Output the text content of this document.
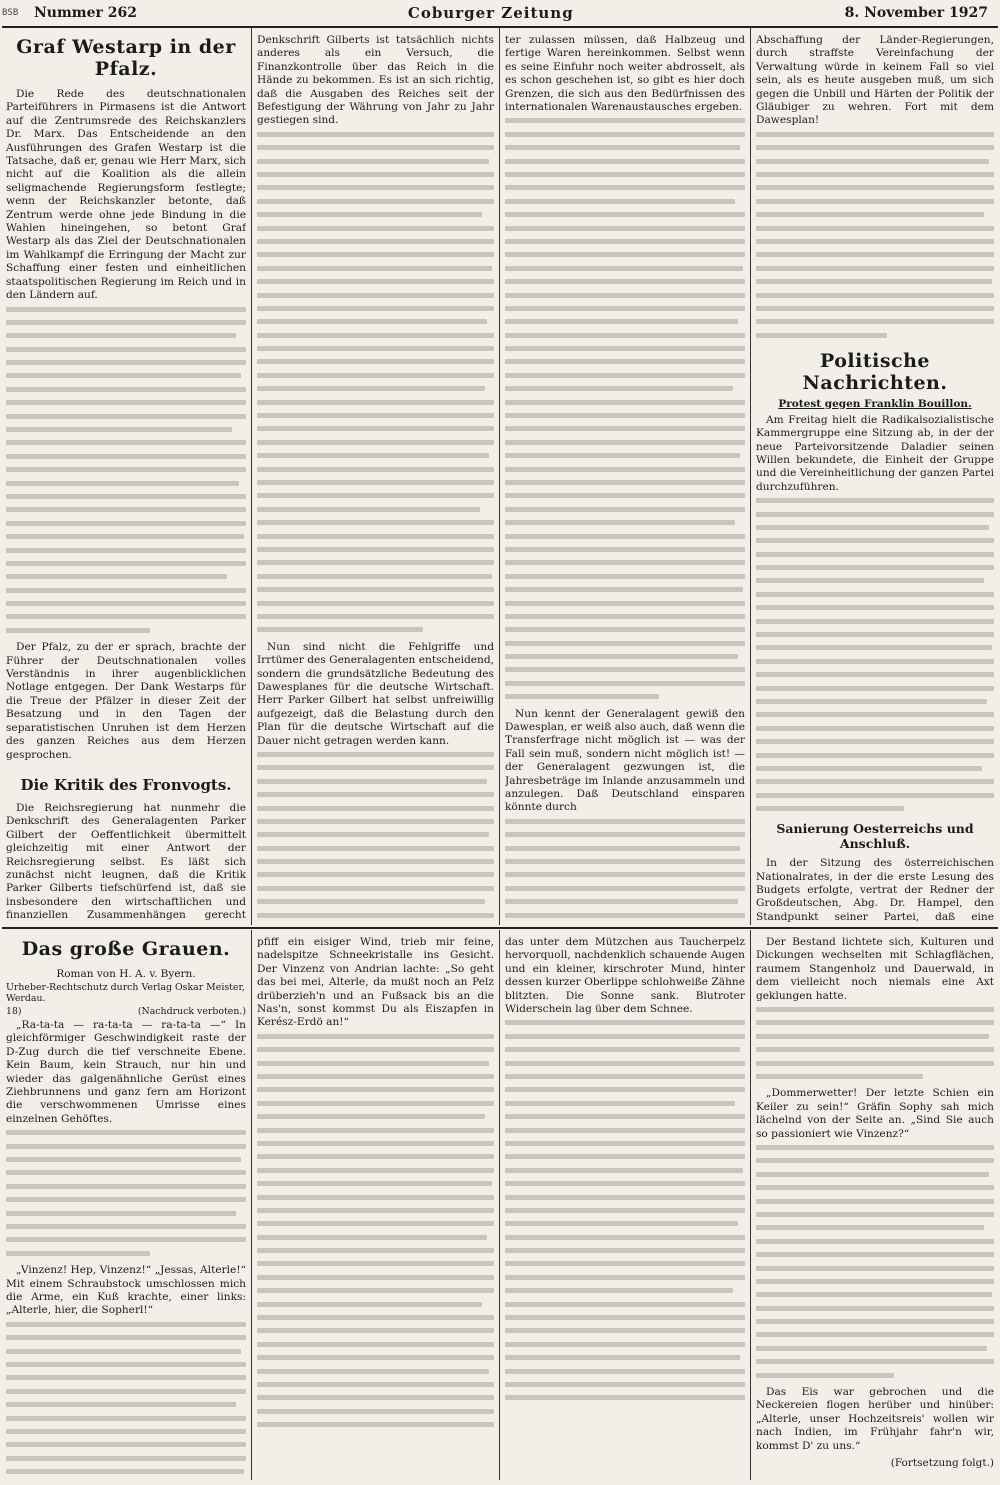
BSB Nummer 262	Coburger Zeitung	8. November 1927
Graf Westarp in der Pfalz.

Die Rede des deutschnationalen Parteiführers in Pirmasens ist die Antwort auf die Zentrumsrede des Reichskanzlers Dr. Marx. Das Entscheidende an den Ausführungen des Grafen Westarp ist die Tatsache, daß er, genau wie Herr Marx, sich nicht auf die Koalition als die allein seligmachende Regierungsform festlegte; wenn der Reichskanzler betonte, daß Zentrum werde ohne jede Bindung in die Wahlen hineingehen, so betont Graf Westarp als das Ziel der Deutschnationalen im Wahlkampf die Erringung der Macht zur Schaffung einer festen und einheitlichen staatspolitischen Regierung im Reich und in den Ländern auf.

Der Pfalz, zu der er sprach, brachte der Führer der Deutschnationalen volles Verständnis in ihrer augenblicklichen Notlage entgegen. Der Dank Westarps für die Treue der Pfälzer in dieser Zeit der Besatzung und in den Tagen der separatistischen Unruhen ist dem Herzen des ganzen Reiches aus dem Herzen gesprochen.

Die Kritik des Fronvogts.

Die Reichsregierung hat nunmehr die Denkschrift des Generalagenten Parker Gilbert der Oeffentlichkeit übermittelt gleichzeitig mit einer Antwort der Reichsregierung selbst. Es läßt sich zunächst nicht leugnen, daß die Kritik Parker Gilberts tiefschürfend ist, daß sie insbesondere den wirtschaftlichen und finanziellen Zusammenhängen gerecht

Denkschrift Gilberts ist tatsächlich nichts anderes als ein Versuch, die Finanzkontrolle über das Reich in die Hände zu bekommen. Es ist an sich richtig, daß die Ausgaben des Reiches seit der Befestigung der Währung von Jahr zu Jahr gestiegen sind.

Nun sind nicht die Fehlgriffe und Irrtümer des Generalagenten entscheidend, sondern die grundsätzliche Bedeutung des Dawesplanes für die deutsche Wirtschaft. Herr Parker Gilbert hat selbst unfreiwillig aufgezeigt, daß die Belastung durch den Plan für die deutsche Wirtschaft auf die Dauer nicht getragen werden kann.

ter zulassen müssen, daß Halbzeug und fertige Waren hereinkommen. Selbst wenn es seine Einfuhr noch weiter abdrosselt, als es schon geschehen ist, so gibt es hier doch Grenzen, die sich aus den Bedürfnissen des internationalen Warenaustausches ergeben.

Nun kennt der Generalagent gewiß den Dawesplan, er weiß also auch, daß wenn die Transferfrage nicht möglich ist — was der Fall sein muß, sondern nicht möglich ist! — der Generalagent gezwungen ist, die Jahresbeträge im Inlande anzusammeln und anzulegen. Daß Deutschland einsparen könnte durch

Abschaffung der Länder-Regierungen, durch straffste Vereinfachung der Verwaltung würde in keinem Fall so viel sein, als es heute ausgeben muß, um sich gegen die Unbill und Härten der Politik der Gläubiger zu wehren. Fort mit dem Dawesplan!

Politische Nachrichten.
Protest gegen Franklin Bouillon.

Am Freitag hielt die Radikalsozialistische Kammergruppe eine Sitzung ab, in der der neue Parteivorsitzende Daladier seinen Willen bekundete, die Einheit der Gruppe und die Vereinheitlichung der ganzen Partei durchzuführen.

Sanierung Oesterreichs und Anschluß.

In der Sitzung des österreichischen Nationalrates, in der die erste Lesung des Budgets erfolgte, vertrat der Redner der Großdeutschen, Abg. Dr. Hampel, den Standpunkt seiner Partei, daß eine

Das große Grauen.
Roman von H. A. v. Byern.
Urheber-Rechtschutz durch Verlag Oskar Meister, Werdau.
18)	(Nachdruck verboten.)

„Ra-ta-ta — ra-ta-ta — ra-ta-ta —“ In gleichförmiger Geschwindigkeit raste der D-Zug durch die tief verschneite Ebene. Kein Baum, kein Strauch, nur hin und wieder das galgenähnliche Gerüst eines Ziehbrunnens und ganz fern am Horizont die verschwommenen Umrisse eines einzelnen Gehöftes.

„Vinzenz! Hep, Vinzenz!“ „Jessas, Alterle!“ Mit einem Schraubstock umschlossen mich die Arme, ein Kuß krachte, einer links: „Alterle, hier, die Sopherl!“

pfiff ein eisiger Wind, trieb mir feine, nadelspitze Schneekristalle ins Gesicht. Der Vinzenz von Andrian lachte: „So geht das bei mei, Alterle, da mußt noch an Pelz drüberzieh'n und an Fußsack bis an die Nas'n, sonst kommst Du als Eiszapfen in Kerész-Erdö an!“

das unter dem Mützchen aus Taucherpelz hervorquoll, nachdenklich schauende Augen und ein kleiner, kirschroter Mund, hinter dessen kurzer Oberlippe schlohweiße Zähne blitzten. Die Sonne sank. Blutroter Widerschein lag über dem Schnee.

Der Bestand lichtete sich, Kulturen und Dickungen wechselten mit Schlagflächen, raumem Stangenholz und Dauerwald, in dem vielleicht noch niemals eine Axt geklungen hatte.

„Dommerwetter! Der letzte Schien ein Keiler zu sein!“ Gräfin Sophy sah mich lächelnd von der Seite an. „Sind Sie auch so passioniert wie Vinzenz?“

Das Eis war gebrochen und die Neckereien flogen herüber und hinüber: „Alterle, unser Hochzeitsreis' wollen wir nach Indien, im Frühjahr fahr'n wir, kommst D' zu uns.“

(Fortsetzung folgt.)
